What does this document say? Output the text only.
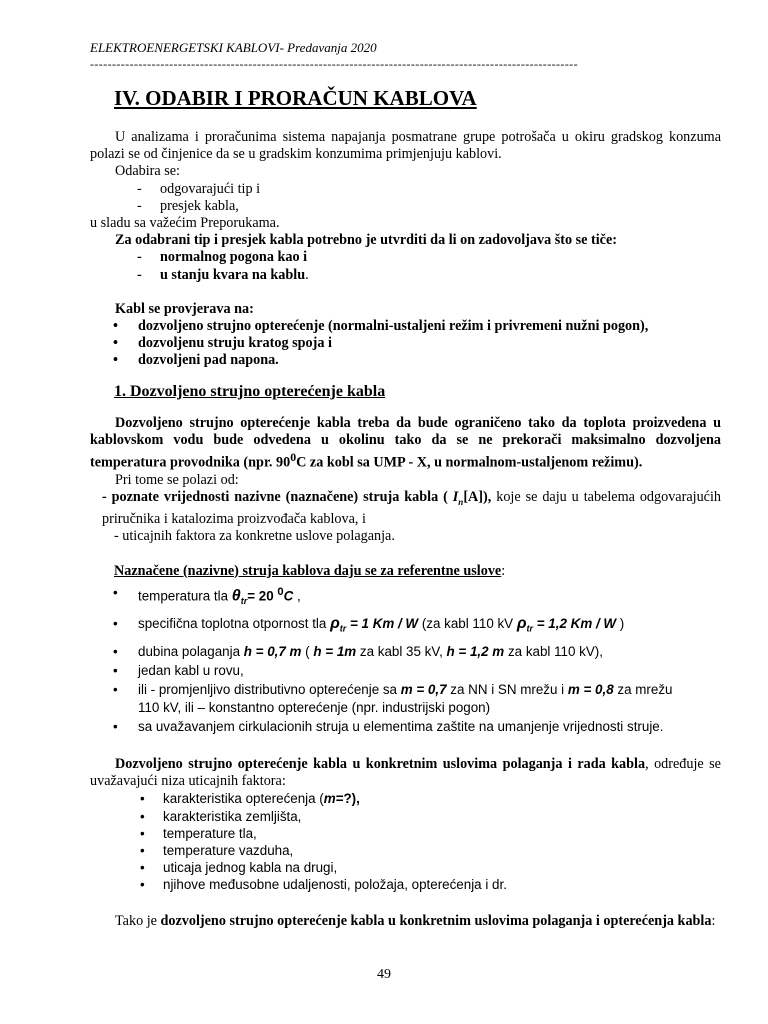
ELEKTROENERGETSKI KABLOVI- Predavanja 2020
---------------------------------------------------------------------------------------------------------------
IV. ODABIR I PRORAČUN KABLOVA

U analizama i proračunima sistema napajanja posmatrane grupe potrošača u okiru gradskog konzuma polazi se od činjenice da se u gradskim konzumima primjenjuju kablovi.

Odabira se:

-	odgovarajući tip i
-	presjek kabla,

u sladu sa važećim Preporukama.

Za odabrani tip i presjek kabla potrebno je utvrditi da li on zadovoljava što se tiče:

-	normalnog pogona kao i
-	u stanju kvara na kablu.

Kabl se provjerava na:

•	dozvoljeno strujno opterećenje (normalni-ustaljeni režim i privremeni nužni pogon),
•	dozvoljenu struju kratog spoja i
•	dozvoljeni pad napona.
1. Dozvoljeno strujno opterećenje kabla

Dozvoljeno strujno opterećenje kabla treba da bude ograničeno tako da toplota proizvedena u kablovskom vodu bude odvedena u okolinu tako da se ne prekorači maksimalno dozvoljena temperatura provodnika (npr. $90^0C$ za kobl sa UMP - X, u normalnom-ustaljenom režimu).

Pri tome se polazi od:

- poznate vrijednosti nazivne (naznačene) struja kabla ( $I_n[A]$), koje se daju u tabelema odgovarajućih priručnika i katalozima proizvođača kablova, i

- uticajnih faktora za konkretne uslove polaganja.

Naznačene (nazivne) struja kablova daju se za referentne uslove:

•	temperatura tla $\theta_{tr}= 20$ $^0$C ,
•	specifična toplotna otpornost tla $\rho_{tr} = 1$ Km / W (za kabl 110 kV $\rho_{tr} = 1,2$ Km / W )
•	dubina polaganja h = 0,7 m ( h = 1m za kabl 35 kV, h = 1,2 m za kabl 110 kV),
•	jedan kabl u rovu,
•	ili - promjenljivo distributivno opterećenje sa m = 0,7 za NN i SN mrežu i m = 0,8 za mrežu
110 kV, ili – konstantno opterećenje (npr. industrijski pogon)
•	sa uvažavanjem cirkulacionih struja u elementima zaštite na umanjenje vrijednosti struje.

Dozvoljeno strujno opterećenje kabla u konkretnim uslovima polaganja i rada kabla, određuje se uvažavajući niza uticajnih faktora:

• karakteristika opterećenja (m=?),
• karakteristika zemljišta,
• temperature tla,
• temperature vazduha,
• uticaja jednog kabla na drugi,
• njihove međusobne udaljenosti, položaja, opterećenja i dr.

Tako je dozvoljeno strujno opterećenje kabla u konkretnim uslovima polaganja i opterećenja kabla:

49
